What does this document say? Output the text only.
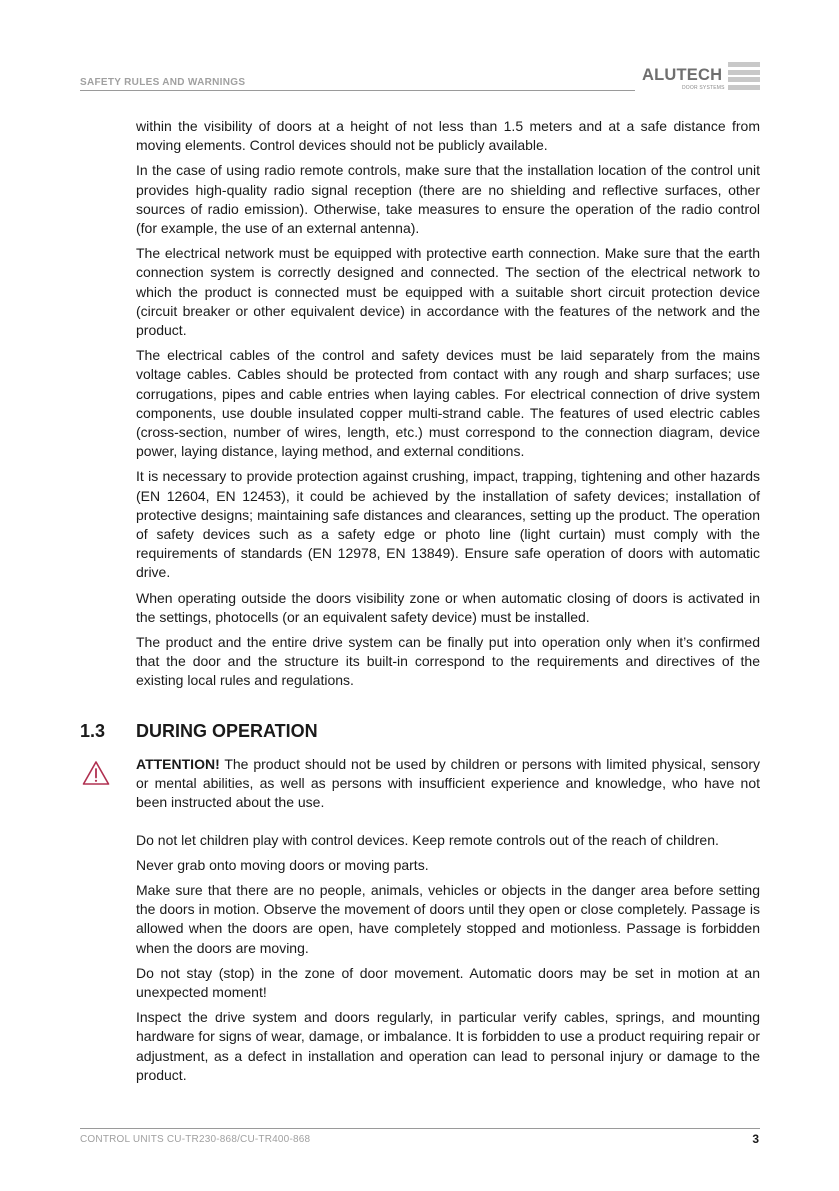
SAFETY RULES AND WARNINGS	ALUTECH
DOOR SYSTEMS

within the visibility of doors at a height of not less than 1.5 meters and at a safe distance from moving elements. Control devices should not be publicly available.

In the case of using radio remote controls, make sure that the installation location of the control unit provides high-quality radio signal reception (there are no shielding and reflective surfaces, other sources of radio emission). Otherwise, take measures to ensure the operation of the radio control (for example, the use of an external antenna).

The electrical network must be equipped with protective earth connection. Make sure that the earth connection system is correctly designed and connected. The section of the electrical network to which the product is connected must be equipped with a suitable short circuit protection device (circuit breaker or other equivalent device) in accordance with the features of the network and the product.

The electrical cables of the control and safety devices must be laid separately from the mains voltage cables. Cables should be protected from contact with any rough and sharp surfaces; use corrugations, pipes and cable entries when laying cables. For electrical connection of drive system components, use double insulated copper multi-strand cable. The features of used electric cables (cross-section, number of wires, length, etc.) must correspond to the connection diagram, device power, laying distance, laying method, and external conditions.

It is necessary to provide protection against crushing, impact, trapping, tightening and other hazards (EN 12604, EN 12453), it could be achieved by the installation of safety devices; installation of protective designs; maintaining safe distances and clearances, setting up the product. The operation of safety devices such as a safety edge or photo line (light curtain) must comply with the requirements of standards (EN 12978, EN 13849). Ensure safe operation of doors with automatic drive.

When operating outside the doors visibility zone or when automatic closing of doors is activated in the settings, photocells (or an equivalent safety device) must be installed.

The product and the entire drive system can be finally put into operation only when it’s confirmed that the door and the structure its built-in correspond to the requirements and directives of the existing local rules and regulations.

1.3 DURING OPERATION

ATTENTION! The product should not be used by children or persons with limited physical, sensory or mental abilities, as well as persons with insufficient experience and knowledge, who have not been instructed about the use.

Do not let children play with control devices. Keep remote controls out of the reach of children.

Never grab onto moving doors or moving parts.

Make sure that there are no people, animals, vehicles or objects in the danger area before setting the doors in motion. Observe the movement of doors until they open or close completely. Passage is allowed when the doors are open, have completely stopped and motionless. Passage is forbidden when the doors are moving.

Do not stay (stop) in the zone of door movement. Automatic doors may be set in motion at an unexpected moment!

Inspect the drive system and doors regularly, in particular verify cables, springs, and mounting hardware for signs of wear, damage, or imbalance. It is forbidden to use a product requiring repair or adjustment, as a defect in installation and operation can lead to personal injury or damage to the product.

CONTROL UNITS CU-TR230-868/CU-TR400-868	3
